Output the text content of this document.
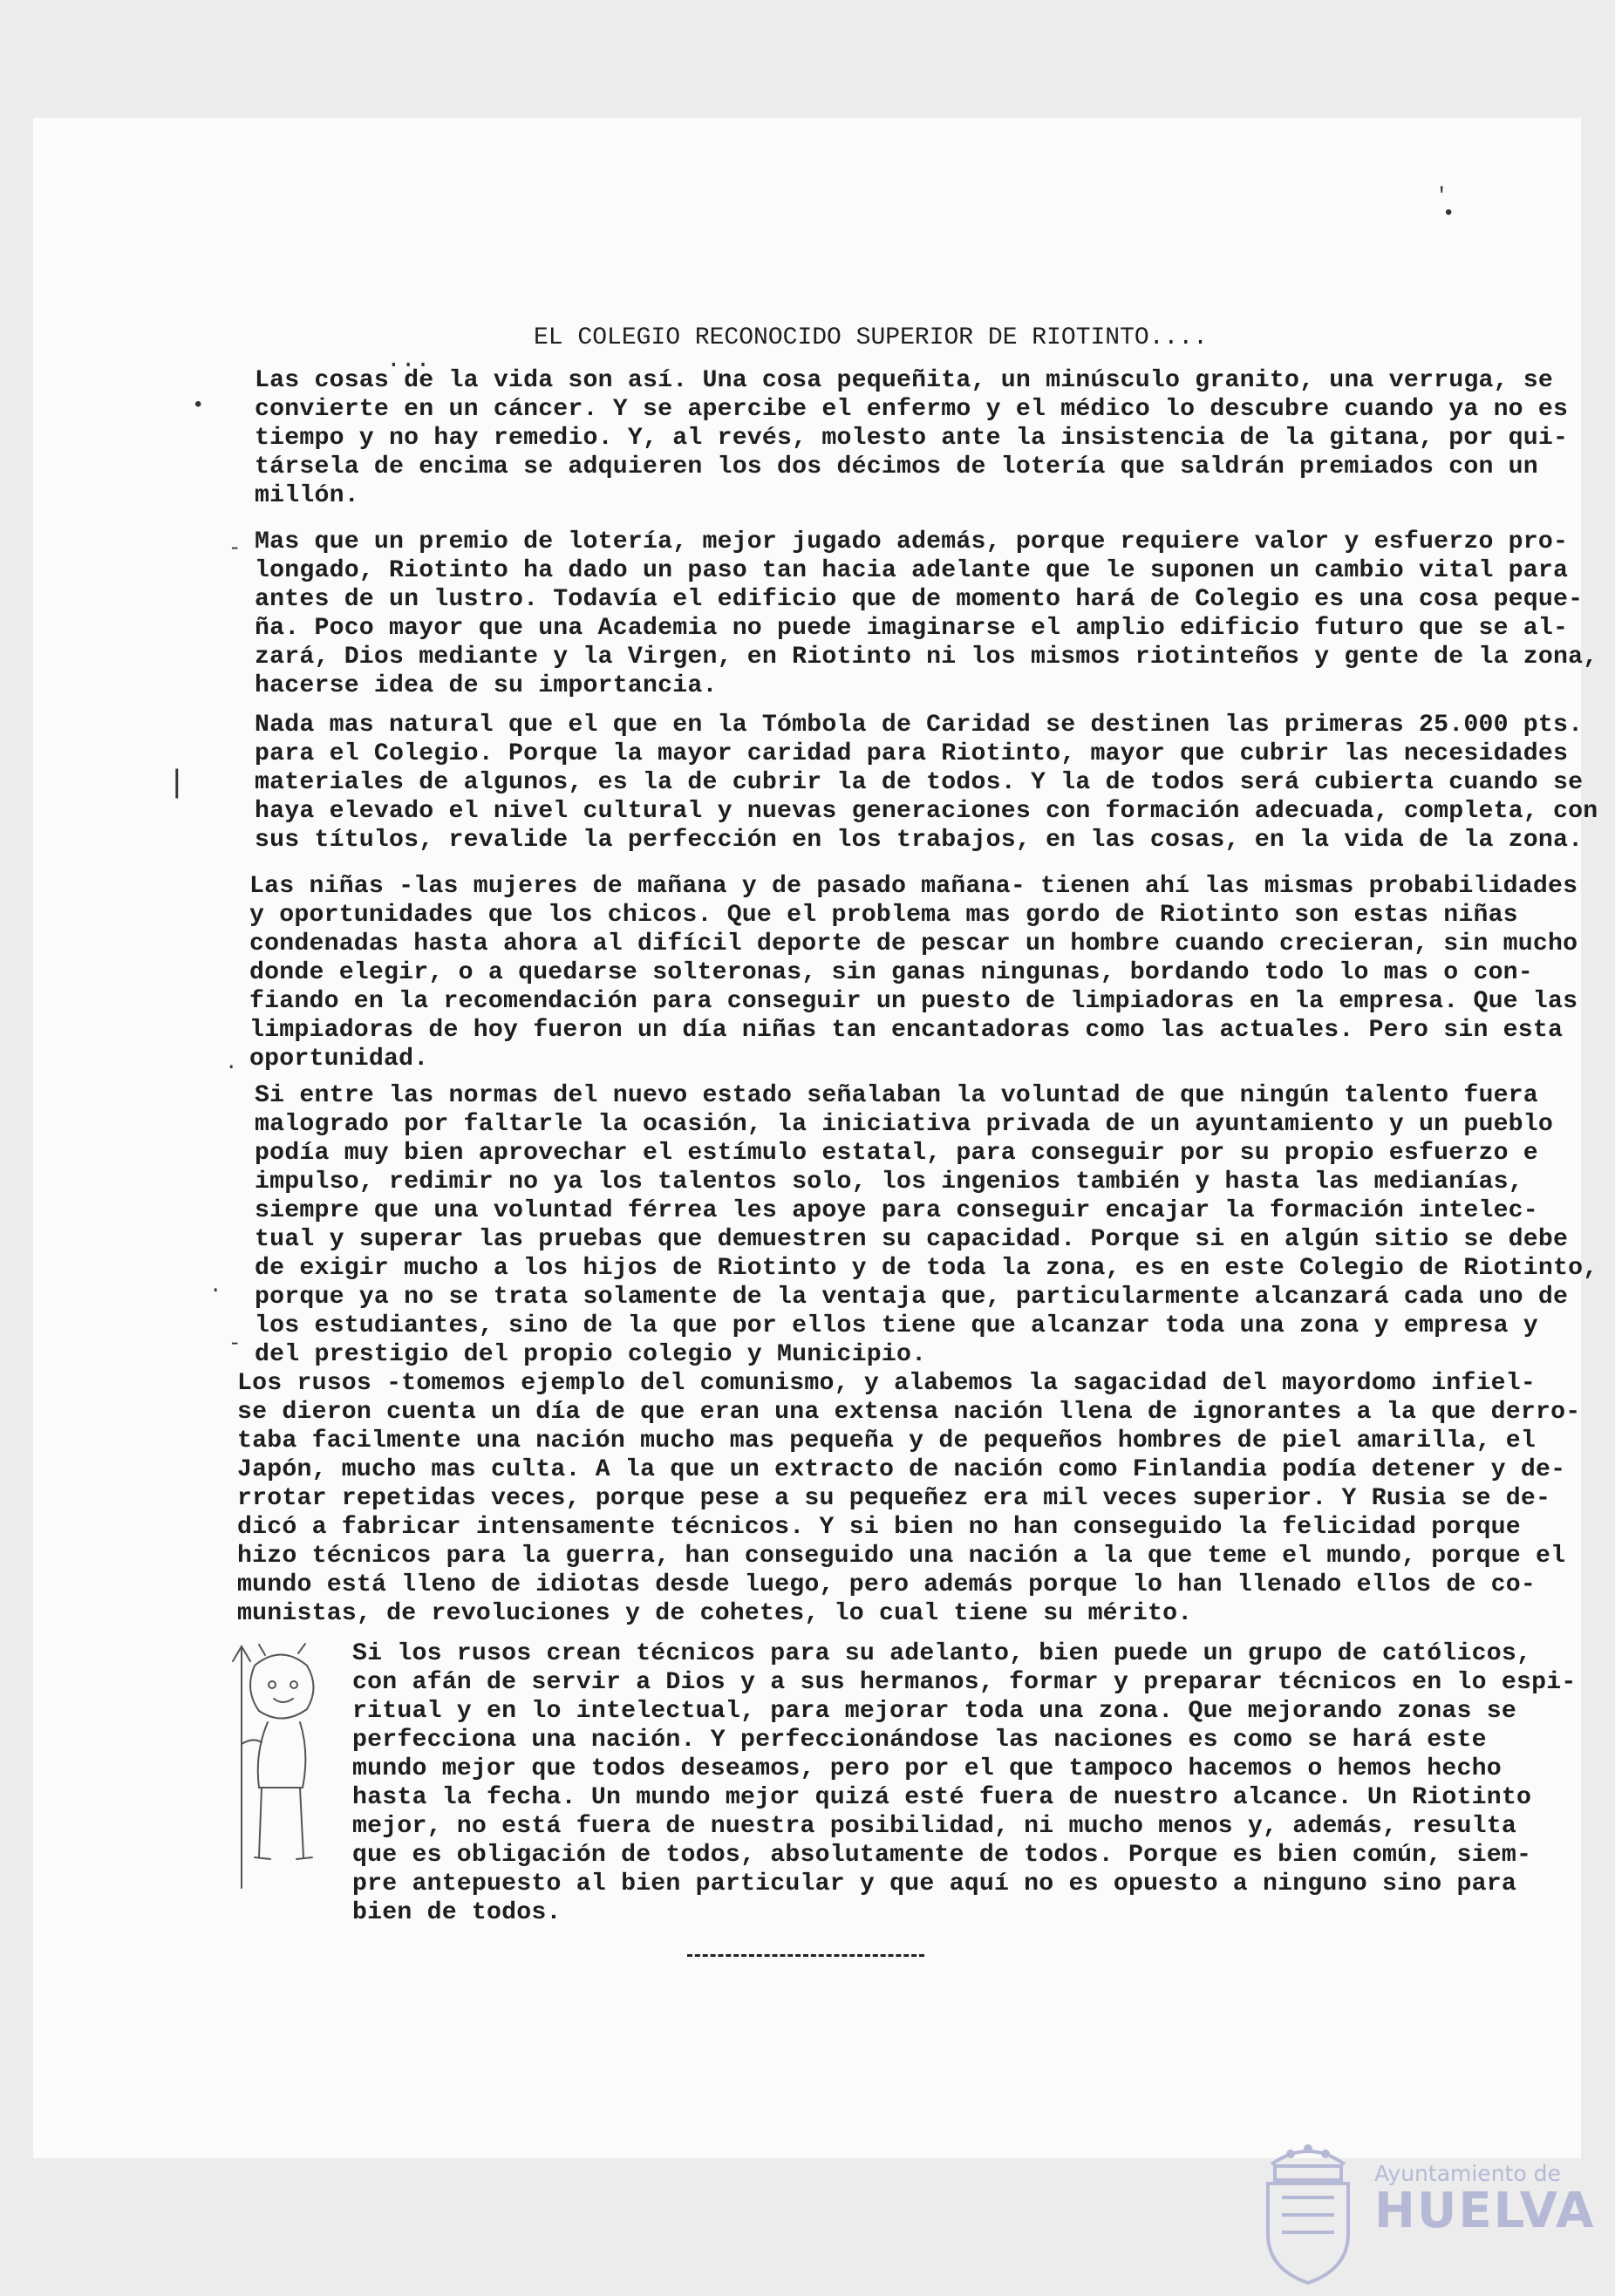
'
•
•
|
-
.
.
-
EL COLEGIO RECONOCIDO SUPERIOR DE RIOTINTO....
...

Las cosas de la vida son así. Una cosa pequeñita, un minúsculo granito, una verruga, se
convierte en un cáncer. Y se apercibe el enfermo y el médico lo descubre cuando ya no es
tiempo y no hay remedio. Y, al revés, molesto ante la insistencia de la gitana, por qui-
társela de encima se adquieren los dos décimos de lotería que saldrán premiados con un
millón.

Mas que un premio de lotería, mejor jugado además, porque requiere valor y esfuerzo pro-
longado, Riotinto ha dado un paso tan hacia adelante que le suponen un cambio vital para
antes de un lustro. Todavía el edificio que de momento hará de Colegio es una cosa peque-
ña. Poco mayor que una Academia no puede imaginarse el amplio edificio futuro que se al-
zará, Dios mediante y la Virgen, en Riotinto ni los mismos riotinteños y gente de la zona,
hacerse idea de su importancia.

Nada mas natural que el que en la Tómbola de Caridad se destinen las primeras 25.000 pts.
para el Colegio. Porque la mayor caridad para Riotinto, mayor que cubrir las necesidades
materiales de algunos, es la de cubrir la de todos. Y la de todos será cubierta cuando se
haya elevado el nivel cultural y nuevas generaciones con formación adecuada, completa, con
sus títulos, revalide la perfección en los trabajos, en las cosas, en la vida de la zona.

Las niñas -las mujeres de mañana y de pasado mañana- tienen ahí las mismas probabilidades
y oportunidades que los chicos. Que el problema mas gordo de Riotinto son estas niñas
condenadas hasta ahora al difícil deporte de pescar un hombre cuando crecieran, sin mucho
donde elegir, o a quedarse solteronas, sin ganas ningunas, bordando todo lo mas o con-
fiando en la recomendación para conseguir un puesto de limpiadoras en la empresa. Que las
limpiadoras de hoy fueron un día niñas tan encantadoras como las actuales. Pero sin esta
oportunidad.

Si entre las normas del nuevo estado señalaban la voluntad de que ningún talento fuera
malogrado por faltarle la ocasión, la iniciativa privada de un ayuntamiento y un pueblo
podía muy bien aprovechar el estímulo estatal, para conseguir por su propio esfuerzo e
impulso, redimir no ya los talentos solo, los ingenios también y hasta las medianías,
siempre que una voluntad férrea les apoye para conseguir encajar la formación intelec-
tual y superar las pruebas que demuestren su capacidad. Porque si en algún sitio se debe
de exigir mucho a los hijos de Riotinto y de toda la zona, es en este Colegio de Riotinto,
porque ya no se trata solamente de la ventaja que, particularmente alcanzará cada uno de
los estudiantes, sino de la que por ellos tiene que alcanzar toda una zona y empresa y
del prestigio del propio colegio y Municipio.

Los rusos -tomemos ejemplo del comunismo, y alabemos la sagacidad del mayordomo infiel-
se dieron cuenta un día de que eran una extensa nación llena de ignorantes a la que derro-
taba facilmente una nación mucho mas pequeña y de pequeños hombres de piel amarilla, el
Japón, mucho mas culta. A la que un extracto de nación como Finlandia podía detener y de-
rrotar repetidas veces, porque pese a su pequeñez era mil veces superior. Y Rusia se de-
dicó a fabricar intensamente técnicos. Y si bien no han conseguido la felicidad porque
hizo técnicos para la guerra, han conseguido una nación a la que teme el mundo, porque el
mundo está lleno de idiotas desde luego, pero además porque lo han llenado ellos de co-
munistas, de revoluciones y de cohetes, lo cual tiene su mérito.

Si los rusos crean técnicos para su adelanto, bien puede un grupo de católicos,
con afán de servir a Dios y a sus hermanos, formar y preparar técnicos en lo espi-
ritual y en lo intelectual, para mejorar toda una zona. Que mejorando zonas se
perfecciona una nación. Y perfeccionándose las naciones es como se hará este
mundo mejor que todos deseamos, pero por el que tampoco hacemos o hemos hecho
hasta la fecha. Un mundo mejor quizá esté fuera de nuestro alcance. Un Riotinto
mejor, no está fuera de nuestra posibilidad, ni mucho menos y, además, resulta
que es obligación de todos, absolutamente de todos. Porque es bien común, siem-
pre antepuesto al bien particular y que aquí no es opuesto a ninguno sino para
bien de todos.

Ayuntamiento de
HUELVA
